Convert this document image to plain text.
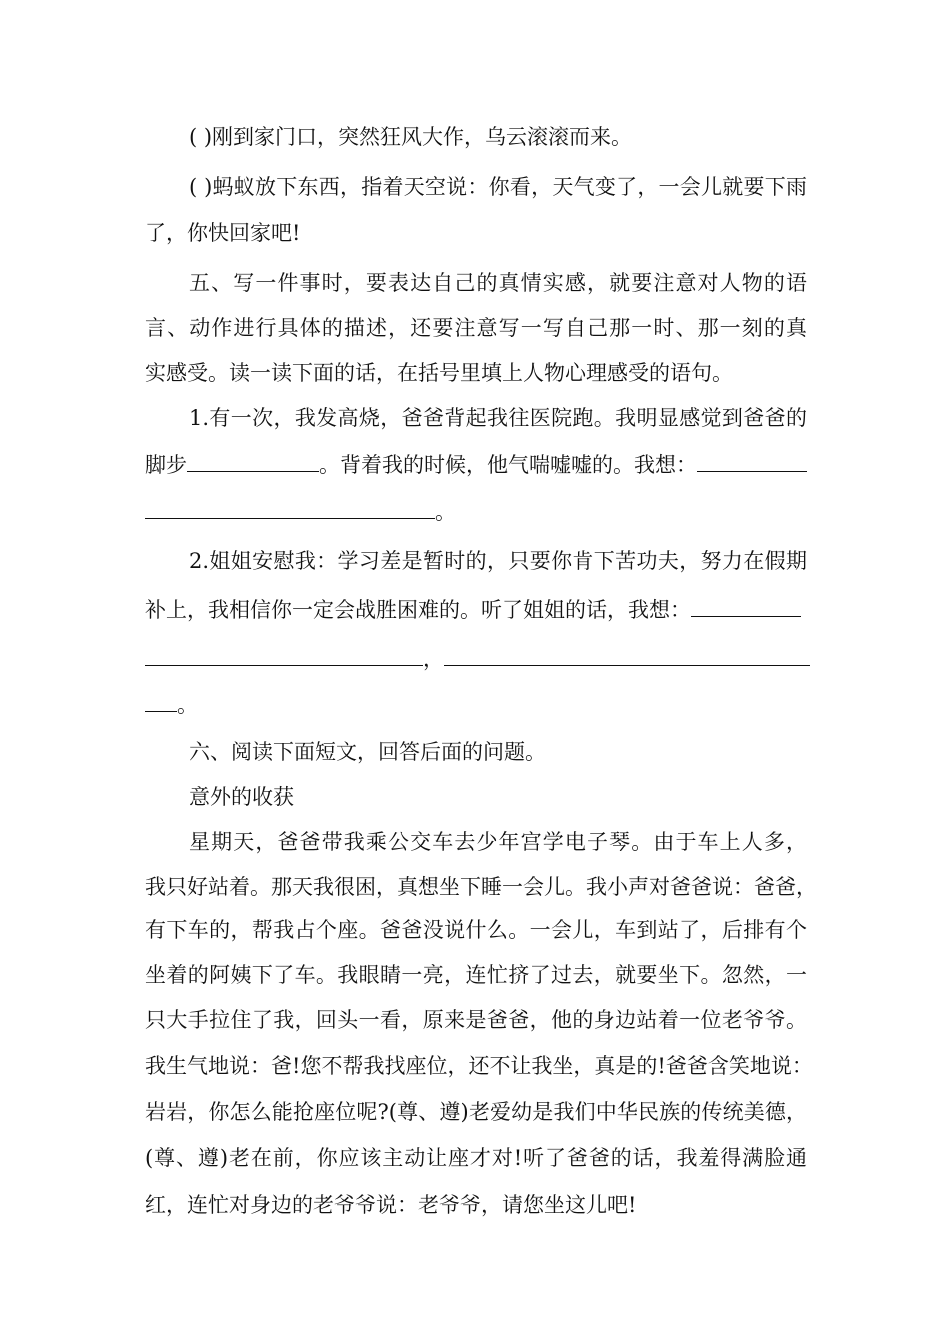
( )刚到家门口，突然狂风大作，乌云滚滚而来。
( )蚂蚁放下东西，指着天空说：你看，天气变了，一会儿就要下雨
了，你快回家吧!
五、写一件事时，要表达自己的真情实感，就要注意对人物的语
言、动作进行具体的描述，还要注意写一写自己那一时、那一刻的真
实感受。读一读下面的话，在括号里填上人物心理感受的语句。
1.有一次，我发高烧，爸爸背起我往医院跑。我明显感觉到爸爸的
脚步	。背着我的时候，他气喘嘘嘘的。我想：
。
2.姐姐安慰我：学习差是暂时的，只要你肯下苦功夫，努力在假期
补上，我相信你一定会战胜困难的。听了姐姐的话，我想：
，
。
六、阅读下面短文，回答后面的问题。
意外的收获
星期天，爸爸带我乘公交车去少年宫学电子琴。由于车上人多，
我只好站着。那天我很困，真想坐下睡一会儿。我小声对爸爸说：爸爸，
有下车的，帮我占个座。爸爸没说什么。一会儿，车到站了，后排有个
坐着的阿姨下了车。我眼睛一亮，连忙挤了过去，就要坐下。忽然，一
只大手拉住了我，回头一看，原来是爸爸，他的身边站着一位老爷爷。
我生气地说：爸!您不帮我找座位，还不让我坐，真是的!爸爸含笑地说：
岩岩，你怎么能抢座位呢?(尊、遵)老爱幼是我们中华民族的传统美德，
(尊、遵)老在前，你应该主动让座才对!听了爸爸的话，我羞得满脸通
红，连忙对身边的老爷爷说：老爷爷，请您坐这儿吧!
